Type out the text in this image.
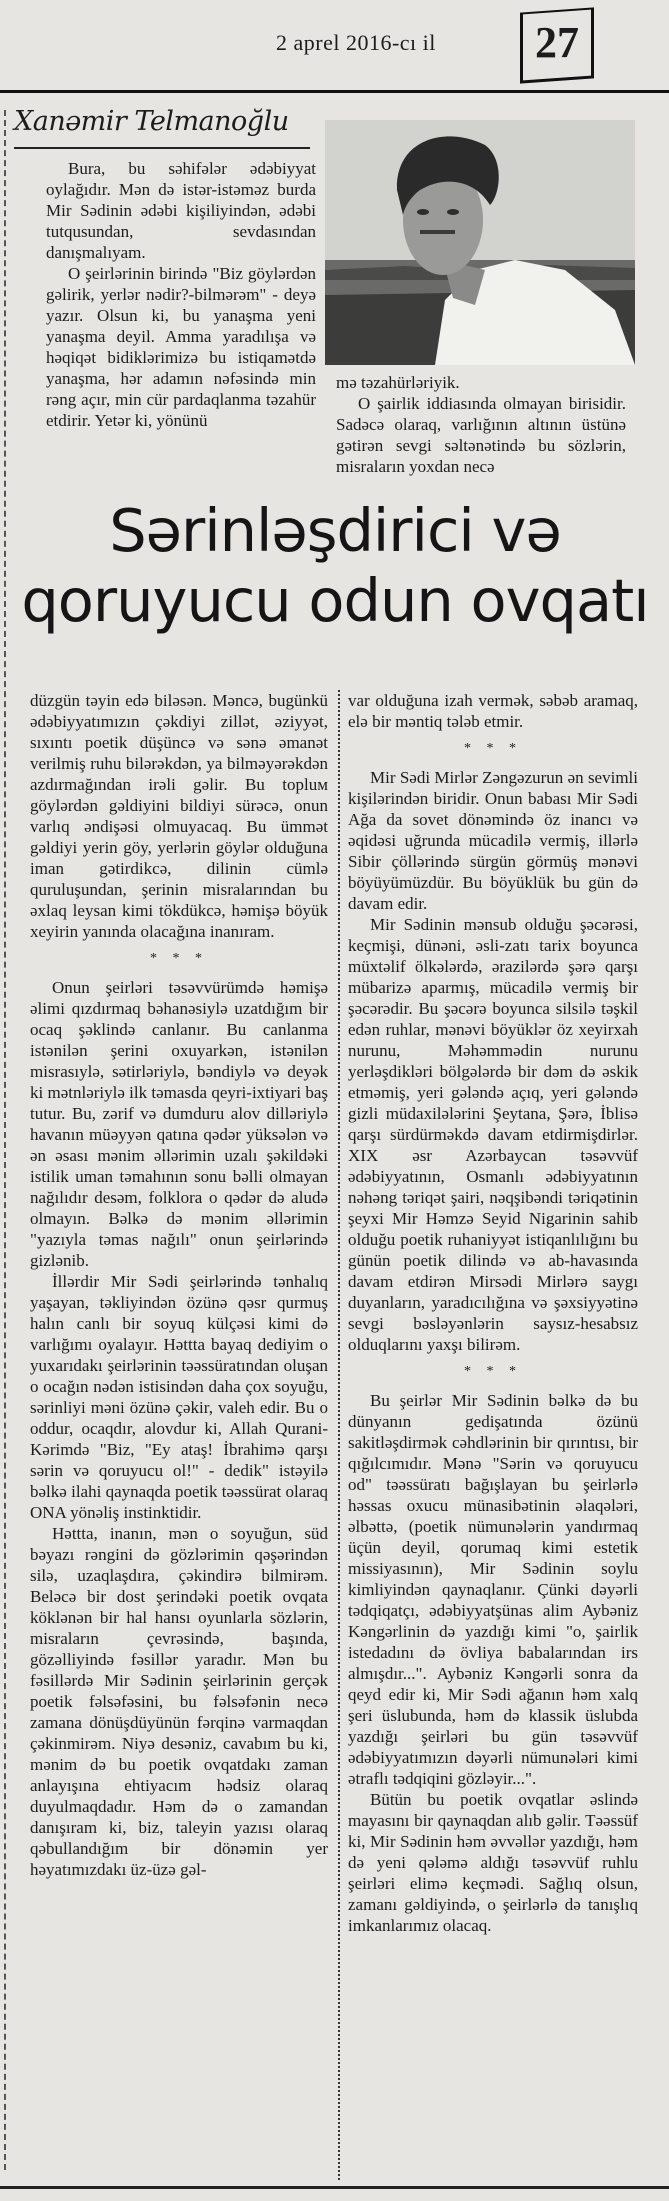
2 aprel 2016-cı il	27
Xanəmir Telmanoğlu

Bura, bu səhifələr ədəbiyyat oylağıdır. Mən də istər-istəməz burda Mir Sədinin ədəbi kişiliyindən, ədəbi tutqusundan, sevdasından danışmalıyam.

O şeirlərinin birində "Biz göylərdən gəlirik, yerlər nədir?-bilmərəm" - deyə yazır. Olsun ki, bu yanaşma yeni yanaşma deyil. Amma yaradılışa və həqiqət bidiklərimizə bu istiqamətdə yanaşma, hər adamın nəfəsində min rəng açır, min cür pardaqlanma təzahür etdirir. Yetər ki, yönünü

mə təzahürləriyik.

O şairlik iddiasında olmayan birisidir. Sadəcə olaraq, varlığının altının üstünə gətirən sevgi səltənətində bu sözlərin, misraların yoxdan necə

Sərinləşdirici və
qoruyucu odun ovqatı

düzgün təyin edə biləsən. Məncə, bugünkü ədəbiyyatımızın çəkdiyi zillət, əziyyət, sıxıntı poetik düşüncə və sənə əmanət verilmiş ruhu bilərəkdən, ya bilməyərəkdən azdırmağından irəli gəlir. Bu topluм göylərdən gəldiyini bildiyi sürəcə, onun varlıq əndişəsi olmuyacaq. Bu ümmət gəldiyi yerin göy, yerlərin göylər olduğuna iman gətirdikcə, dilinin cümlə quruluşundan, şerinin misralarından bu əxlaq leysan kimi tökdükcə, həmişə böyük xeyirin yanında olacağına inanıram.

* * *

Onun şeirləri təsəvvürümdə həmişə əlimi qızdırmaq bəhanəsiylə uzatdığım bir ocaq şəklində canlanır. Bu canlanma istənilən şerini oxuyarkən, istənilən misrasıylə, sətirləriylə, bəndiylə və deyək ki mətnləriylə ilk təmasda qeyri-ixtiyari baş tutur. Bu, zərif və dumduru alov dilləriylə havanın müəyyən qatına qədər yüksələn və ən əsası mənim əllərimin uzalı şəkildəki istilik uman təmahının sonu bəlli olmayan nağılıdır desəm, folklora o qədər də aludə olmayın. Bəlkə də mənim əllərimin "yazıyla təmas nağılı" onun şeirlərində gizlənib.

İllərdir Mir Sədi şeirlərində tənhalıq yaşayan, təkliyindən özünə qəsr qurmuş halın canlı bir soyuq külçəsi kimi də varlığımı oyalayır. Həttta bayaq dediyim o yuxarıdakı şeirlərinin təəssüratından oluşan o ocağın nədən istisindən daha çox soyuğu, sərinliyi məni özünə çəkir, valeh edir. Bu o oddur, ocaqdır, alovdur ki, Allah Qurani-Kərimdə "Biz, "Ey ataş! İbrahimə qarşı sərin və qoruyucu ol!" - dedik" istəyilə bəlkə ilahi qaynaqda poetik təəssürat olaraq ONA yönəliş instinktidir.

Həttta, inanın, mən o soyuğun, süd bəyazı rəngini də gözlərimin qəşərindən silə, uzaqlaşdıra, çəkindirə bilmirəm. Beləcə bir dost şerindəki poetik ovqata köklənən bir hal hansı oyunlarla sözlərin, misraların çevrəsində, başında, gözəlliyində fəsillər yaradır. Mən bu fəsillərdə Mir Sədinin şeirlərinin gerçək poetik fəlsəfəsini, bu fəlsəfənin necə zamana dönüşdüyünün fərqinə varmaqdan çəkinmirəm. Niyə desəniz, cavabım bu ki, mənim də bu poetik ovqatdakı zaman anlayışına ehtiyacım hədsiz olaraq duyulmaqdadır. Həm də o zamandan danışıram ki, biz, taleyin yazısı olaraq qəbullandığım bir dönəmin yer həyatımızdakı üz-üzə gəl-

var olduğuna izah vermək, səbəb aramaq, elə bir məntiq tələb etmir.

* * *

Mir Sədi Mirlər Zəngəzurun ən sevimli kişilərindən biridir. Onun babası Mir Sədi Ağa da sovet dönəmində öz inancı və əqidəsi uğrunda mücadilə vermiş, illərlə Sibir çöllərində sürgün görmüş mənəvi böyüyümüzdür. Bu böyüklük bu gün də davam edir.

Mir Sədinin mənsub olduğu şəcərəsi, keçmişi, dünəni, əsli-zatı tarix boyunca müxtəlif ölkələrdə, ərazilərdə şərə qarşı mübarizə aparmış, mücadilə vermiş bir şəcərədir. Bu şəcərə boyunca silsilə təşkil edən ruhlar, mənəvi böyüklər öz xeyirxah nurunu, Məhəmmədin nurunu yerləşdikləri bölgələrdə bir dəm də əskik etməmiş, yeri gələndə açıq, yeri gələndə gizli müdaxilələrini Şeytana, Şərə, İblisə qarşı sürdürməkdə davam etdirmişdirlər. XIX əsr Azərbaycan təsəvvüf ədəbiyyatının, Osmanlı ədəbiyyatının nəhəng təriqət şairi, nəqşibəndi təriqətinin şeyxi Mir Həmzə Seyid Nigarinin sahib olduğu poetik ruhaniyyət istiqanlılığını bu günün poetik dilində və ab-havasında davam etdirən Mirsədi Mirlərə saygı duyanların, yaradıcılığına və şəxsiyyətinə sevgi bəsləyənlərin saysız-hesabsız olduqlarını yaxşı bilirəm.

* * *

Bu şeirlər Mir Sədinin bəlkə də bu dünyanın gedişatında özünü sakitləşdirmək cəhdlərinin bir qırıntısı, bir qığılcımıdır. Mənə "Sərin və qoruyucu od" təəssüratı bağışlayan bu şeirlərlə həssas oxucu münasibətinin əlaqələri, əlbəttə, (poetik nümunələrin yandırmaq üçün deyil, qorumaq kimi estetik missiyasının), Mir Sədinin soylu kimliyindən qaynaqlanır. Çünki dəyərli tədqiqatçı, ədəbiyyatşünas alim Aybəniz Kəngərlinin də yazdığı kimi "o, şairlik istedadını də övliya babalarından irs almışdır...". Aybəniz Kəngərli sonra da qeyd edir ki, Mir Sədi ağanın həm xalq şeri üslubunda, həm də klassik üslubda yazdığı şeirləri bu gün təsəvvüf ədəbiyyatımızın dəyərli nümunələri kimi ətraflı tədqiqini gözləyir...".

Bütün bu poetik ovqatlar əslində mayasını bir qaynaqdan alıb gəlir. Təəssüf ki, Mir Sədinin həm əvvəllər yazdığı, həm də yeni qələmə aldığı təsəvvüf ruhlu şeirləri elimə keçmədi. Sağlıq olsun, zamanı gəldiyində, o şeirlərlə də tanışlıq imkanlarımız olacaq.
